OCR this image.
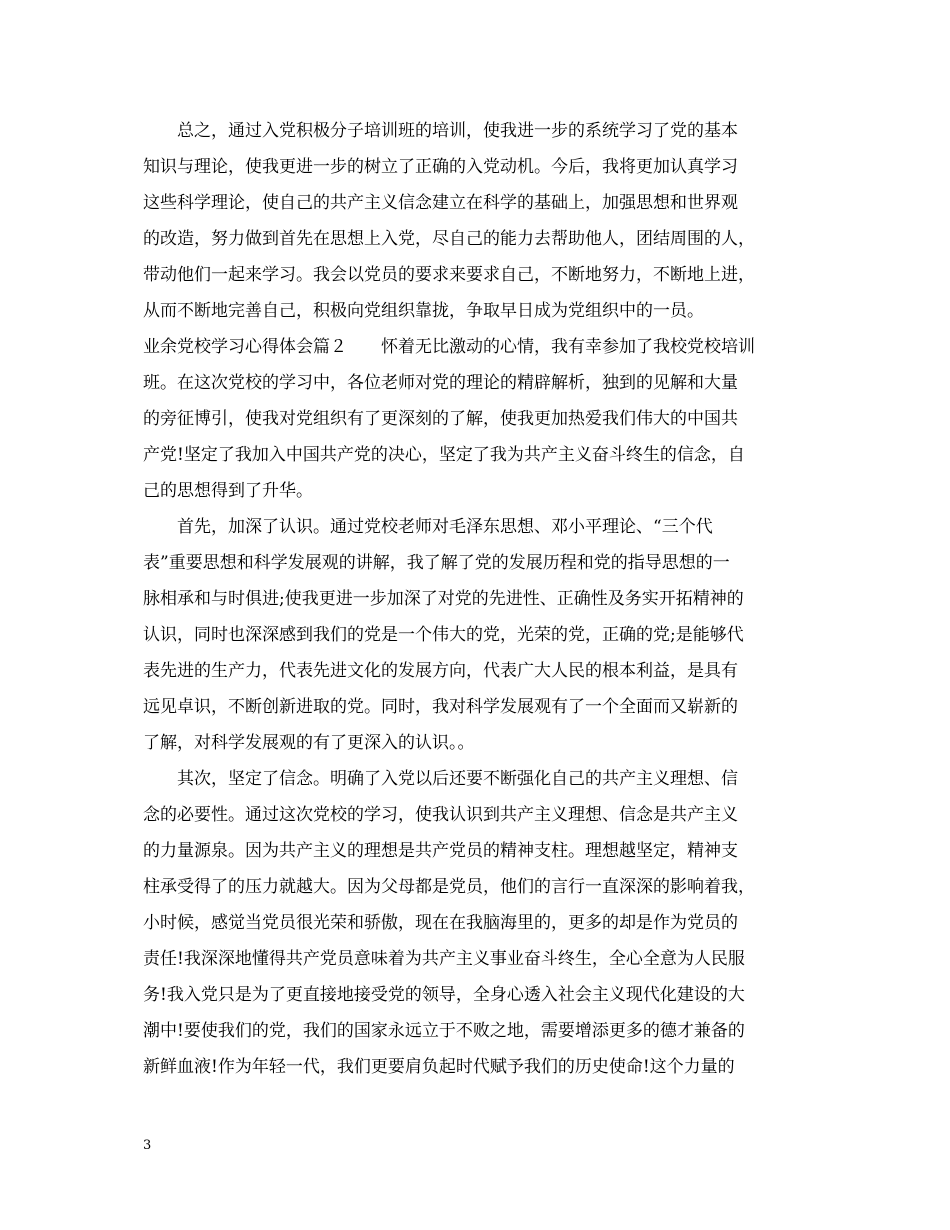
　　总之，通过入党积极分子培训班的培训，使我进一步的系统学习了党的基本
知识与理论，使我更进一步的树立了正确的入党动机。今后，我将更加认真学习
这些科学理论，使自己的共产主义信念建立在科学的基础上，加强思想和世界观
的改造，努力做到首先在思想上入党，尽自己的能力去帮助他人，团结周围的人，
带动他们一起来学习。我会以党员的要求来要求自己，不断地努力，不断地上进，
从而不断地完善自己，积极向党组织靠拢，争取早日成为党组织中的一员。
业余党校学习心得体会篇２　　怀着无比激动的心情，我有幸参加了我校党校培训
班。在这次党校的学习中，各位老师对党的理论的精辟解析，独到的见解和大量
的旁征博引，使我对党组织有了更深刻的了解，使我更加热爱我们伟大的中国共
产党!坚定了我加入中国共产党的决心，坚定了我为共产主义奋斗终生的信念，自
己的思想得到了升华。
　　首先，加深了认识。通过党校老师对毛泽东思想、邓小平理论、“三个代
表”重要思想和科学发展观的讲解，我了解了党的发展历程和党的指导思想的一
脉相承和与时俱进;使我更进一步加深了对党的先进性、正确性及务实开拓精神的
认识，同时也深深感到我们的党是一个伟大的党，光荣的党，正确的党;是能够代
表先进的生产力，代表先进文化的发展方向，代表广大人民的根本利益，是具有
远见卓识，不断创新进取的党。同时，我对科学发展观有了一个全面而又崭新的
了解，对科学发展观的有了更深入的认识。。
　　其次，坚定了信念。明确了入党以后还要不断强化自己的共产主义理想、信
念的必要性。通过这次党校的学习，使我认识到共产主义理想、信念是共产主义
的力量源泉。因为共产主义的理想是共产党员的精神支柱。理想越坚定，精神支
柱承受得了的压力就越大。因为父母都是党员，他们的言行一直深深的影响着我，
小时候，感觉当党员很光荣和骄傲，现在在我脑海里的，更多的却是作为党员的
责任!我深深地懂得共产党员意味着为共产主义事业奋斗终生，全心全意为人民服
务!我入党只是为了更直接地接受党的领导，全身心透入社会主义现代化建设的大
潮中!要使我们的党，我们的国家永远立于不败之地，需要增添更多的德才兼备的
新鲜血液!作为年轻一代，我们更要肩负起时代赋予我们的历史使命!这个力量的
3
